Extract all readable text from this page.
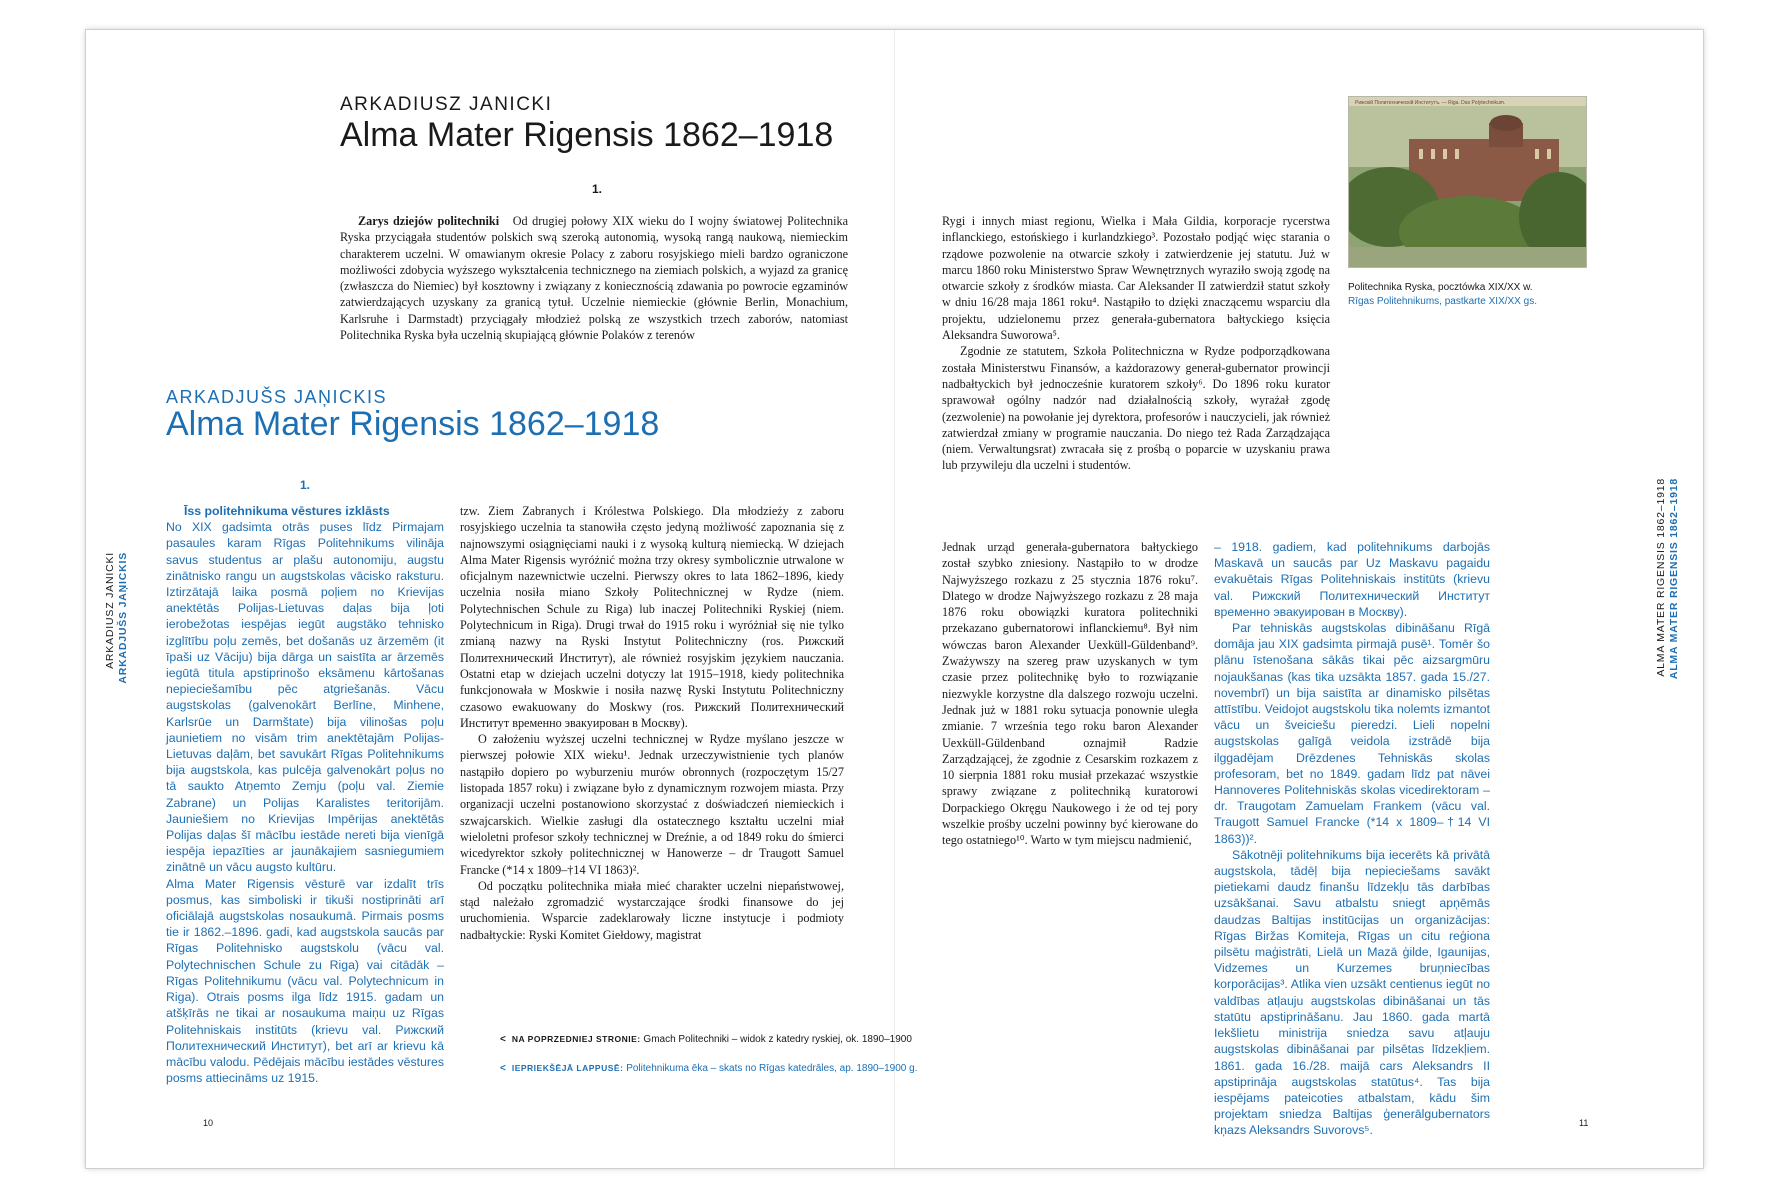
ARKADIUSZ JANICKI
Alma Mater Rigensis 1862–1918
1.

Zarys dziejów politechniki Od drugiej połowy XIX wieku do I wojny światowej Politechnika Ryska przyciągała studentów polskich swą szeroką autonomią, wysoką rangą naukową, niemieckim charakterem uczelni. W omawianym okresie Polacy z zaboru rosyjskiego mieli bardzo ograniczone możliwości zdobycia wyższego wykształcenia technicznego na ziemiach polskich, a wyjazd za granicę (zwłaszcza do Niemiec) był kosztowny i związany z koniecznością zdawania po powrocie egzaminów zatwierdzających uzyskany za granicą tytuł. Uczelnie niemieckie (głównie Berlin, Monachium, Karlsruhe i Darmstadt) przyciągały młodzież polską ze wszystkich trzech zaborów, natomiast Politechnika Ryska była uczelnią skupiającą głównie Polaków z terenów

ARKADJUŠS JAŅICKIS
Alma Mater Rigensis 1862–1918
1.

Īss politehnikuma vēstures izklāsts

No XIX gadsimta otrās puses līdz Pirmajam pasaules karam Rīgas Politehnikums vilināja savus studentus ar plašu autonomiju, augstu zinātnisko rangu un augstskolas vācisko raksturu. Iztirzātajā laika posmā poļiem no Krievijas anektētās Polijas-Lietuvas daļas bija ļoti ierobežotas iespējas iegūt augstāko tehnisko izglītību poļu zemēs, bet došanās uz ārzemēm (it īpaši uz Vāciju) bija dārga un saistīta ar ārzemēs iegūtā titula apstiprinošo eksāmenu kārtošanas nepieciešamību pēc atgriešanās. Vācu augstskolas (galvenokārt Berlīne, Minhene, Karlsrūe un Darmštate) bija vilinošas poļu jaunietiem no visām trim anektētajām Polijas-Lietuvas daļām, bet savukārt Rīgas Politehnikums bija augstskola, kas pulcēja galvenokārt poļus no tā saukto Atņemto Zemju (poļu val. Ziemie Zabrane) un Polijas Karalistes teritorijām. Jauniešiem no Krievijas Impērijas anektētās Polijas daļas šī mācību iestāde nereti bija vienīgā iespēja iepazīties ar jaunākajiem sasniegumiem zinātnē un vācu augsto kultūru.

Alma Mater Rigensis vēsturē var izdalīt trīs posmus, kas simboliski ir tikuši nostiprināti arī oficiālajā augstskolas nosaukumā. Pirmais posms tie ir 1862.–1896. gadi, kad augstskola saucās par Rīgas Politehnisko augstskolu (vācu val. Polytechnischen Schule zu Riga) vai citādāk – Rīgas Politehnikumu (vācu val. Polytechnicum in Riga). Otrais posms ilga līdz 1915. gadam un atšķīrās ne tikai ar nosaukuma maiņu uz Rīgas Politehniskais institūts (krievu val. Рижский Политехнический Институт), bet arī ar krievu kā mācību valodu. Pēdējais mācību iestādes vēstures posms attiecināms uz 1915.

tzw. Ziem Zabranych i Królestwa Polskiego. Dla młodzieży z zaboru rosyjskiego uczelnia ta stanowiła często jedyną możliwość zapoznania się z najnowszymi osiągnięciami nauki i z wysoką kulturą niemiecką. W dziejach Alma Mater Rigensis wyróżnić można trzy okresy symbolicznie utrwalone w oficjalnym nazewnictwie uczelni. Pierwszy okres to lata 1862–1896, kiedy uczelnia nosiła miano Szkoły Politechnicznej w Rydze (niem. Polytechnischen Schule zu Riga) lub inaczej Politechniki Ryskiej (niem. Polytechnicum in Riga). Drugi trwał do 1915 roku i wyróżniał się nie tylko zmianą nazwy na Ryski Instytut Politechniczny (ros. Рижский Политехнический Институт), ale również rosyjskim językiem nauczania. Ostatni etap w dziejach uczelni dotyczy lat 1915–1918, kiedy politechnika funkcjonowała w Moskwie i nosiła nazwę Ryski Instytutu Politechniczny czasowo ewakuowany do Moskwy (ros. Рижский Политехнический Институт временно эвакуирован в Москву).

O założeniu wyższej uczelni technicznej w Rydze myślano jeszcze w pierwszej połowie XIX wieku¹. Jednak urzeczywistnienie tych planów nastąpiło dopiero po wyburzeniu murów obronnych (rozpoczętym 15/27 listopada 1857 roku) i związane było z dynamicznym rozwojem miasta. Przy organizacji uczelni postanowiono skorzystać z doświadczeń niemieckich i szwajcarskich. Wielkie zasługi dla ostatecznego kształtu uczelni miał wieloletni profesor szkoły technicznej w Dreźnie, a od 1849 roku do śmierci wicedyrektor szkoły politechnicznej w Hanowerze – dr Traugott Samuel Francke (*14 x 1809–†14 VI 1863)².

Od początku politechnika miała mieć charakter uczelni niepaństwowej, stąd należało zgromadzić wystarczające środki finansowe do jej uruchomienia. Wsparcie zadeklarowały liczne instytucje i podmioty nadbałtyckie: Ryski Komitet Giełdowy, magistrat

< NA POPRZEDNIEJ STRONIE: Gmach Politechniki – widok z katedry ryskiej, ok. 1890–1900
< IEPRIEKŠĒJĀ LAPPUSĒ: Politehnikuma ēka – skats no Rīgas katedrāles, ap. 1890–1900 g.
ARKADIUSZ JANICKI ARKADJUŠS JAŅICKIS
10

Rygi i innych miast regionu, Wielka i Mała Gildia, korporacje rycerstwa inflanckiego, estońskiego i kurlandzkiego³. Pozostało podjąć więc starania o rządowe pozwolenie na otwarcie szkoły i zatwierdzenie jej statutu. Już w marcu 1860 roku Ministerstwo Spraw Wewnętrznych wyraziło swoją zgodę na otwarcie szkoły z środków miasta. Car Aleksander II zatwierdził statut szkoły w dniu 16/28 maja 1861 roku⁴. Nastąpiło to dzięki znaczącemu wsparciu dla projektu, udzielonemu przez generała-gubernatora bałtyckiego księcia Aleksandra Suworowa⁵.

Zgodnie ze statutem, Szkoła Politechniczna w Rydze podporządkowana została Ministerstwu Finansów, a każdorazowy generał-gubernator prowincji nadbałtyckich był jednocześnie kuratorem szkoły⁶. Do 1896 roku kurator sprawował ogólny nadzór nad działalnością szkoły, wyrażał zgodę (zezwolenie) na powołanie jej dyrektora, profesorów i nauczycieli, jak również zatwierdzał zmiany w programie nauczania. Do niego też Rada Zarządzająca (niem. Verwaltungsrat) zwracała się z prośbą o poparcie w uzyskaniu prawa lub przywileju dla uczelni i studentów.

Jednak urząd generała-gubernatora bałtyckiego został szybko zniesiony. Nastąpiło to w drodze Najwyższego rozkazu z 25 stycznia 1876 roku⁷. Dlatego w drodze Najwyższego rozkazu z 28 maja 1876 roku obowiązki kuratora politechniki przekazano gubernatorowi inflanckiemu⁸. Był nim wówczas baron Alexander Uexküll-Güldenband⁹. Zważywszy na szereg praw uzyskanych w tym czasie przez politechnikę było to rozwiązanie niezwykle korzystne dla dalszego rozwoju uczelni. Jednak już w 1881 roku sytuacja ponownie uległa zmianie. 7 września tego roku baron Alexander Uexküll-Güldenband oznajmił Radzie Zarządzającej, że zgodnie z Cesarskim rozkazem z 10 sierpnia 1881 roku musiał przekazać wszystkie sprawy związane z politechniką kuratorowi Dorpackiego Okręgu Naukowego i że od tej pory wszelkie prośby uczelni powinny być kierowane do tego ostatniego¹⁰. Warto w tym miejscu nadmienić,

– 1918. gadiem, kad politehnikums darbojās Maskavā un saucās par Uz Maskavu pagaidu evakuētais Rīgas Politehniskais institūts (krievu val. Рижский Политехнический Институт временно эвакуирован в Москву).

Par tehniskās augstskolas dibināšanu Rīgā domāja jau XIX gadsimta pirmajā pusē¹. Tomēr šo plānu īstenošana sākās tikai pēc aizsargmūru nojaukšanas (kas tika uzsākta 1857. gada 15./27. novembrī) un bija saistīta ar dinamisko pilsētas attīstību. Veidojot augstskolu tika nolemts izmantot vācu un šveiciešu pieredzi. Lieli nopelni augstskolas galīgā veidola izstrādē bija ilggadējam Drēzdenes Tehniskās skolas profesoram, bet no 1849. gadam līdz pat nāvei Hannoveres Politehniskās skolas vicedirektoram – dr. Traugotam Zamuelam Frankem (vācu val. Traugott Samuel Francke (*14 x 1809–†14 VI 1863))².

Sākotnēji politehnikums bija iecerēts kā privātā augstskola, tādēļ bija nepieciešams savākt pietiekami daudz finanšu līdzekļu tās darbības uzsākšanai. Savu atbalstu sniegt apņēmās daudzas Baltijas institūcijas un organizācijas: Rīgas Biržas Komiteja, Rīgas un citu reģiona pilsētu maģistrāti, Lielā un Mazā ģilde, Igaunijas, Vidzemes un Kurzemes bruņniecības korporācijas³. Atlika vien uzsākt centienus iegūt no valdības atļauju augstskolas dibināšanai un tās statūtu apstiprināšanu. Jau 1860. gada martā Iekšlietu ministrija sniedza savu atļauju augstskolas dibināšanai par pilsētas līdzekļiem. 1861. gada 16./28. maijā cars Aleksandrs II apstiprināja augstskolas statūtus⁴. Tas bija iespējams pateicoties atbalstam, kādu šim projektam sniedza Baltijas ģenerālgubernators kņazs Aleksandrs Suvorovs⁵.

Рижскій Политехническій Институтъ. — Riga. Das Polytechnikum.
Politechnika Ryska, pocztówka XIX/XX w.
Rīgas Politehnikums, pastkarte XIX/XX gs.
ALMA MATER RIGENSIS 1862–1918 ALMA MATER RIGENSIS 1862–1918
11
